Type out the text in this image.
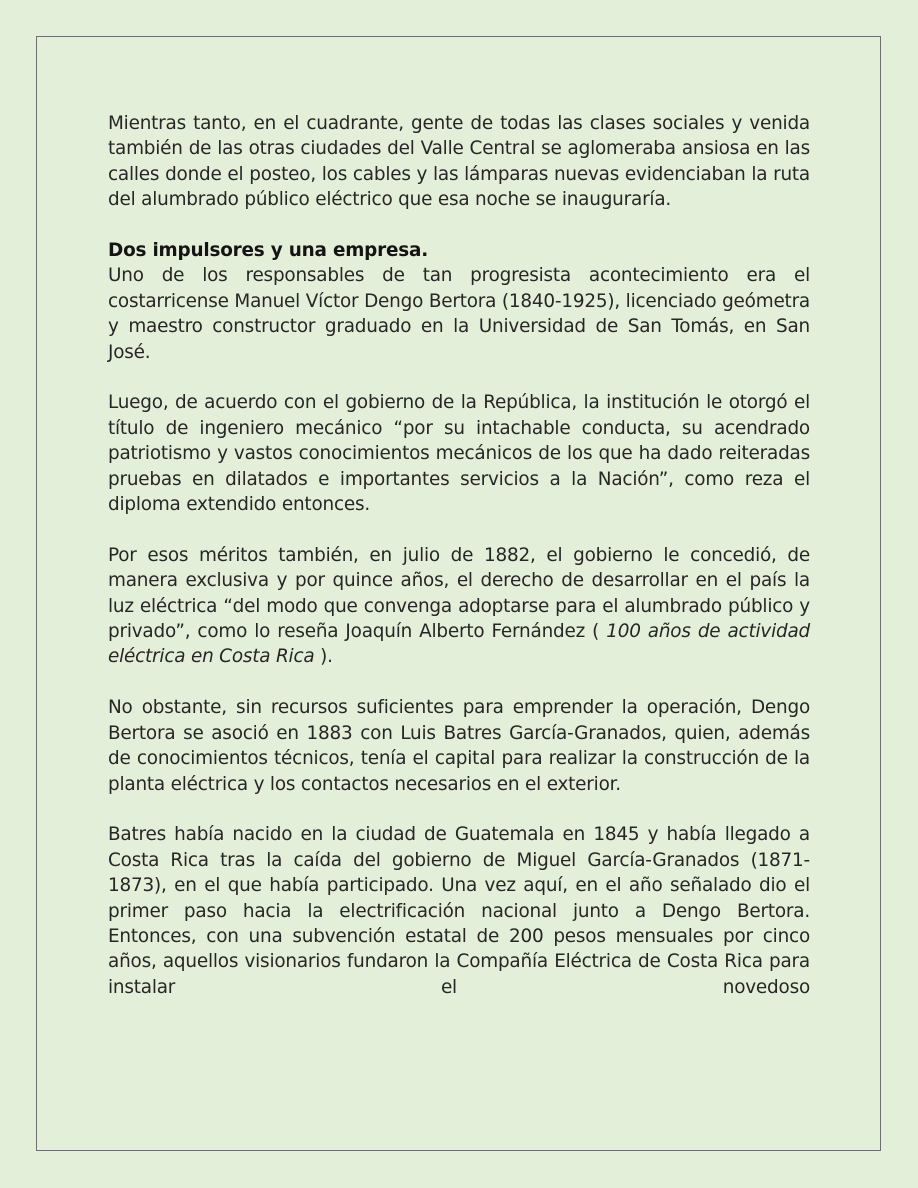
Mientras tanto, en el cuadrante, gente de todas las clases sociales y venida también de las otras ciudades del Valle Central se aglomeraba ansiosa en las calles donde el posteo, los cables y las lámparas nuevas evidenciaban la ruta del alumbrado público eléctrico que esa noche se inauguraría.

Dos impulsores y una empresa.
Uno de los responsables de tan progresista acontecimiento era el costarricense Manuel Víctor Dengo Bertora (1840-1925), licenciado geómetra y maestro constructor graduado en la Universidad de San Tomás, en San José.

Luego, de acuerdo con el gobierno de la República, la institución le otorgó el título de ingeniero mecánico “por su intachable conducta, su acendrado patriotismo y vastos conocimientos mecánicos de los que ha dado reiteradas pruebas en dilatados e importantes servicios a la Nación”, como reza el diploma extendido entonces.

Por esos méritos también, en julio de 1882, el gobierno le concedió, de manera exclusiva y por quince años, el derecho de desarrollar en el país la luz eléctrica “del modo que convenga adoptarse para el alumbrado público y privado”, como lo reseña Joaquín Alberto Fernández ( 100 años de actividad eléctrica en Costa Rica ).

No obstante, sin recursos suficientes para emprender la operación, Dengo Bertora se asoció en 1883 con Luis Batres García-Granados, quien, además de conocimientos técnicos, tenía el capital para realizar la construcción de la planta eléctrica y los contactos necesarios en el exterior.

Batres había nacido en la ciudad de Guatemala en 1845 y había llegado a Costa Rica tras la caída del gobierno de Miguel García-Granados (1871-1873), en el que había participado. Una vez aquí, en el año señalado dio el primer paso hacia la electrificación nacional junto a Dengo Bertora. Entonces, con una subvención estatal de 200 pesos mensuales por cinco años, aquellos visionarios fundaron la Compañía Eléctrica de Costa Rica para instalar el novedoso
